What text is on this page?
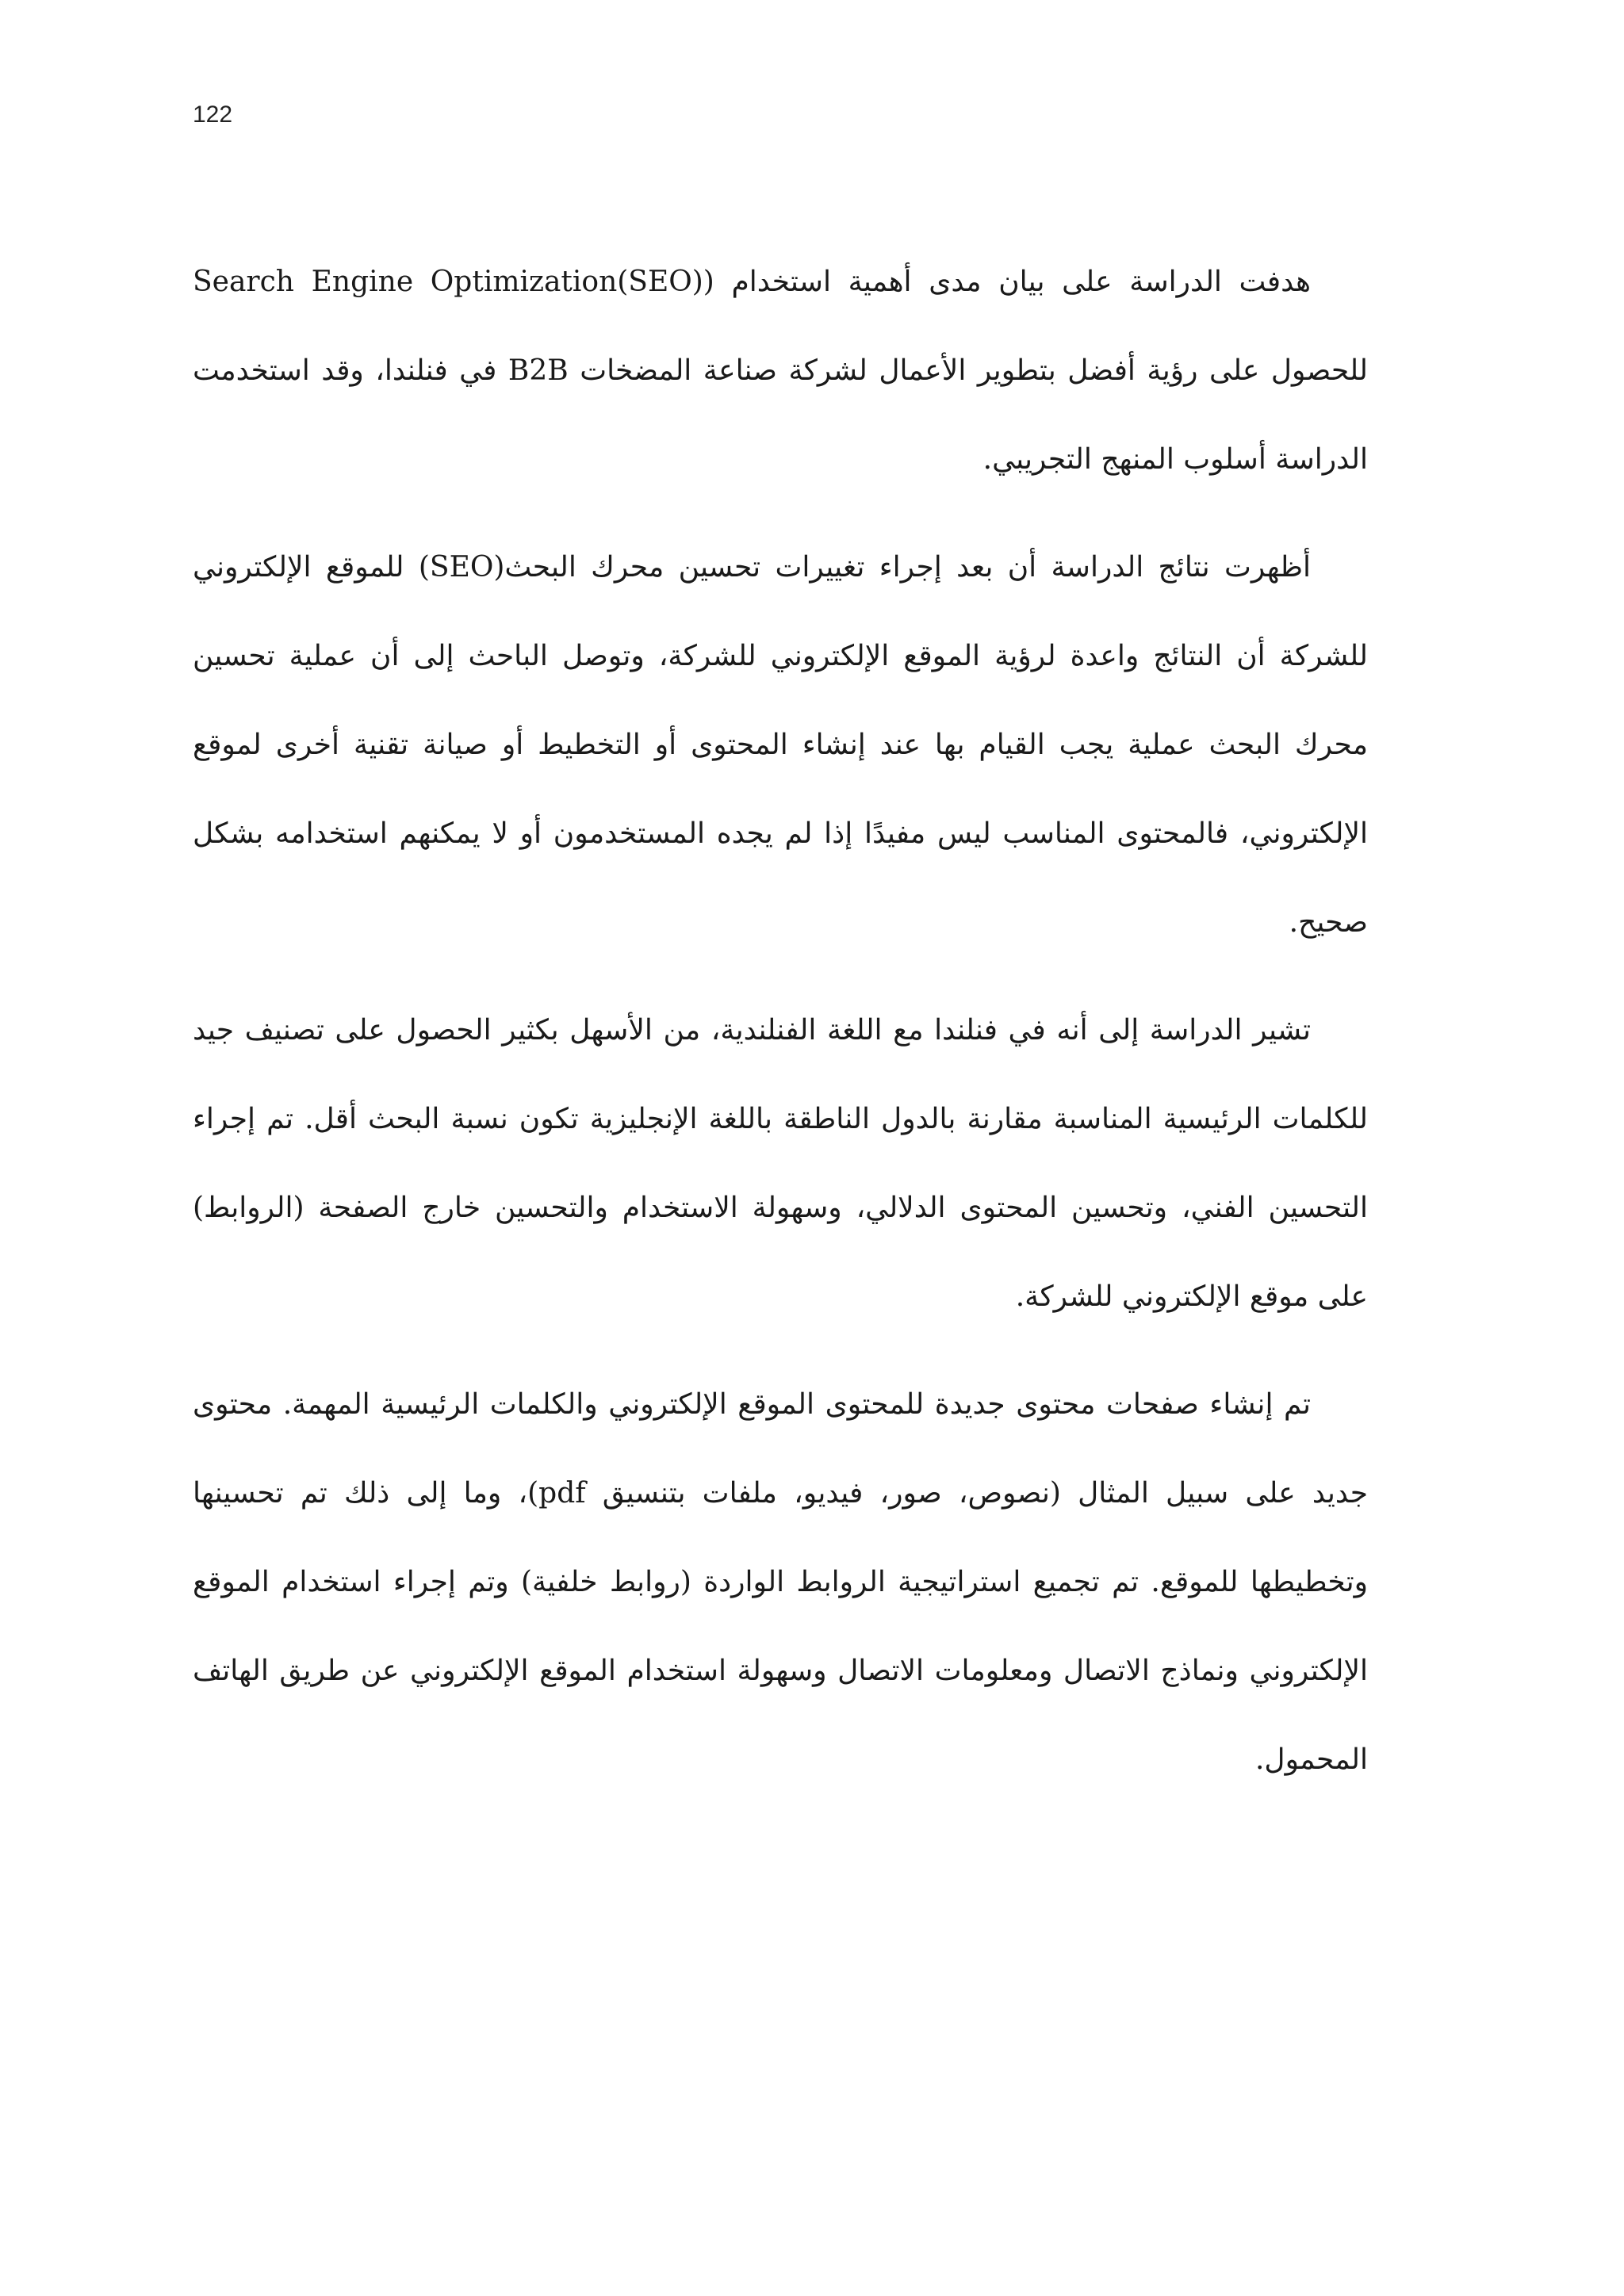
122

هدفت الدراسة على بيان مدى أهمية استخدام (Search Engine Optimization(SEO) للحصول على رؤية أفضل بتطوير الأعمال لشركة صناعة المضخات B2B في فنلندا، وقد استخدمت الدراسة أسلوب المنهج التجريبي.

أظهرت نتائج الدراسة أن بعد إجراء تغييرات تحسين محرك البحث(SEO) للموقع الإلكتروني للشركة أن النتائج واعدة لرؤية الموقع الإلكتروني للشركة، وتوصل الباحث إلى أن عملية تحسين محرك البحث عملية يجب القيام بها عند إنشاء المحتوى أو التخطيط أو صيانة تقنية أخرى لموقع الإلكتروني، فالمحتوى المناسب ليس مفيدًا إذا لم يجده المستخدمون أو لا يمكنهم استخدامه بشكل صحيح.

تشير الدراسة إلى أنه في فنلندا مع اللغة الفنلندية، من الأسهل بكثير الحصول على تصنيف جيد للكلمات الرئيسية المناسبة مقارنة بالدول الناطقة باللغة الإنجليزية تكون نسبة البحث أقل. تم إجراء التحسين الفني، وتحسين المحتوى الدلالي، وسهولة الاستخدام والتحسين خارج الصفحة (الروابط) على موقع الإلكتروني للشركة.

تم إنشاء صفحات محتوى جديدة للمحتوى الموقع الإلكتروني والكلمات الرئيسية المهمة. محتوى جديد على سبيل المثال (نصوص، صور، فيديو، ملفات بتنسيق pdf)، وما إلى ذلك تم تحسينها وتخطيطها للموقع. تم تجميع استراتيجية الروابط الواردة (روابط خلفية) وتم إجراء استخدام الموقع الإلكتروني ونماذج الاتصال ومعلومات الاتصال وسهولة استخدام الموقع الإلكتروني عن طريق الهاتف المحمول.
